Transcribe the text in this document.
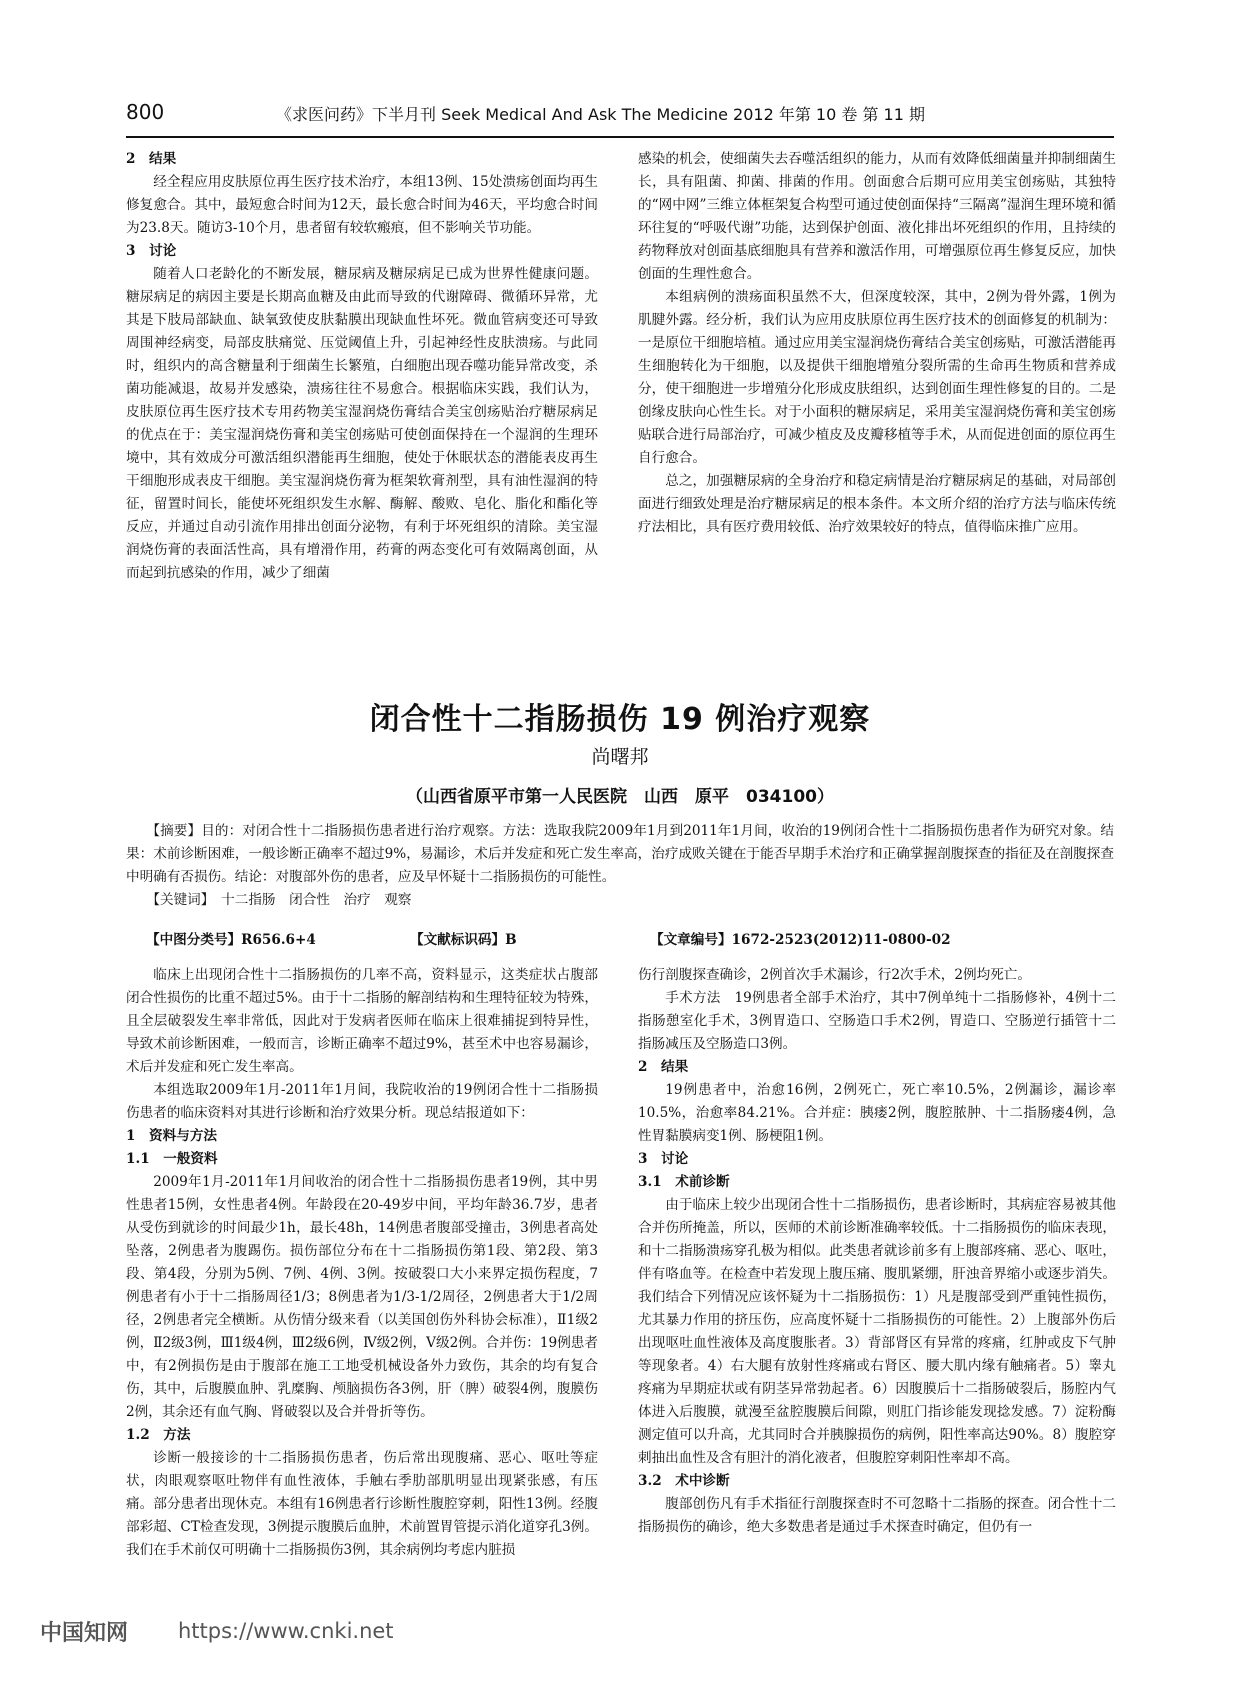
800	《求医问药》下半月刊 Seek Medical And Ask The Medicine 2012 年第 10 卷 第 11 期

2　结果

经全程应用皮肤原位再生医疗技术治疗，本组13例、15处溃疡创面均再生修复愈合。其中，最短愈合时间为12天，最长愈合时间为46天，平均愈合时间为23.8天。随访3-10个月，患者留有较软瘢痕，但不影响关节功能。

3　讨论

随着人口老龄化的不断发展，糖尿病及糖尿病足已成为世界性健康问题。糖尿病足的病因主要是长期高血糖及由此而导致的代谢障碍、微循环异常，尤其是下肢局部缺血、缺氧致使皮肤黏膜出现缺血性坏死。微血管病变还可导致周围神经病变，局部皮肤痛觉、压觉阈值上升，引起神经性皮肤溃疡。与此同时，组织内的高含糖量利于细菌生长繁殖，白细胞出现吞噬功能异常改变，杀菌功能减退，故易并发感染，溃疡往往不易愈合。根据临床实践，我们认为，皮肤原位再生医疗技术专用药物美宝湿润烧伤膏结合美宝创疡贴治疗糖尿病足的优点在于：美宝湿润烧伤膏和美宝创疡贴可使创面保持在一个湿润的生理环境中，其有效成分可激活组织潜能再生细胞，使处于休眠状态的潜能表皮再生干细胞形成表皮干细胞。美宝湿润烧伤膏为框架软膏剂型，具有油性湿润的特征，留置时间长，能使坏死组织发生水解、酶解、酸败、皂化、脂化和酯化等反应，并通过自动引流作用排出创面分泌物，有利于坏死组织的清除。美宝湿润烧伤膏的表面活性高，具有增滑作用，药膏的两态变化可有效隔离创面，从而起到抗感染的作用，减少了细菌

感染的机会，使细菌失去吞噬活组织的能力，从而有效降低细菌量并抑制细菌生长，具有阻菌、抑菌、排菌的作用。创面愈合后期可应用美宝创疡贴，其独特的“网中网”三维立体框架复合构型可通过使创面保持“三隔离”湿润生理环境和循环往复的“呼吸代谢”功能，达到保护创面、液化排出坏死组织的作用，且持续的药物释放对创面基底细胞具有营养和激活作用，可增强原位再生修复反应，加快创面的生理性愈合。

本组病例的溃疡面积虽然不大，但深度较深，其中，2例为骨外露，1例为肌腱外露。经分析，我们认为应用皮肤原位再生医疗技术的创面修复的机制为：一是原位干细胞培植。通过应用美宝湿润烧伤膏结合美宝创疡贴，可激活潜能再生细胞转化为干细胞，以及提供干细胞增殖分裂所需的生命再生物质和营养成分，使干细胞进一步增殖分化形成皮肤组织，达到创面生理性修复的目的。二是创缘皮肤向心性生长。对于小面积的糖尿病足，采用美宝湿润烧伤膏和美宝创疡贴联合进行局部治疗，可减少植皮及皮瓣移植等手术，从而促进创面的原位再生自行愈合。

总之，加强糖尿病的全身治疗和稳定病情是治疗糖尿病足的基础，对局部创面进行细致处理是治疗糖尿病足的根本条件。本文所介绍的治疗方法与临床传统疗法相比，具有医疗费用较低、治疗效果较好的特点，值得临床推广应用。

闭合性十二指肠损伤 19 例治疗观察
尚曙邦
（山西省原平市第一人民医院　山西　原平　034100）

【摘要】目的：对闭合性十二指肠损伤患者进行治疗观察。方法：选取我院2009年1月到2011年1月间，收治的19例闭合性十二指肠损伤患者作为研究对象。结果：术前诊断困难，一般诊断正确率不超过9%，易漏诊，术后并发症和死亡发生率高，治疗成败关键在于能否早期手术治疗和正确掌握剖腹探查的指征及在剖腹探查中明确有否损伤。结论：对腹部外伤的患者，应及早怀疑十二指肠损伤的可能性。

【关键词】　十二指肠　闭合性　治疗　观察

【中图分类号】R656.6+4	【文献标识码】B	【文章编号】1672-2523(2012)11-0800-02

临床上出现闭合性十二指肠损伤的几率不高，资料显示，这类症状占腹部闭合性损伤的比重不超过5%。由于十二指肠的解剖结构和生理特征较为特殊，且全层破裂发生率非常低，因此对于发病者医师在临床上很难捕捉到特异性，导致术前诊断困难，一般而言，诊断正确率不超过9%，甚至术中也容易漏诊，术后并发症和死亡发生率高。

本组选取2009年1月-2011年1月间，我院收治的19例闭合性十二指肠损伤患者的临床资料对其进行诊断和治疗效果分析。现总结报道如下：

1　资料与方法

1.1　一般资料

2009年1月-2011年1月间收治的闭合性十二指肠损伤患者19例，其中男性患者15例，女性患者4例。年龄段在20-49岁中间，平均年龄36.7岁，患者从受伤到就诊的时间最少1h，最长48h，14例患者腹部受撞击，3例患者高处坠落，2例患者为腹踢伤。损伤部位分布在十二指肠损伤第1段、第2段、第3段、第4段，分别为5例、7例、4例、3例。按破裂口大小来界定损伤程度，7例患者有小于十二指肠周径1/3；8例患者为1/3-1/2周径，2例患者大于1/2周径，2例患者完全横断。从伤情分级来看（以美国创伤外科协会标准），Ⅱ1级2例，Ⅱ2级3例，Ⅲ1级4例，Ⅲ2级6例，Ⅳ级2例，Ⅴ级2例。合并伤：19例患者中，有2例损伤是由于腹部在施工工地受机械设备外力致伤，其余的均有复合伤，其中，后腹膜血肿、乳糜胸、颅脑损伤各3例，肝（脾）破裂4例，腹膜伤2例，其余还有血气胸、肾破裂以及合并骨折等伤。

1.2　方法

诊断一般接诊的十二指肠损伤患者，伤后常出现腹痛、恶心、呕吐等症状，肉眼观察呕吐物伴有血性液体，手触右季肋部肌明显出现紧张感，有压痛。部分患者出现休克。本组有16例患者行诊断性腹腔穿刺，阳性13例。经腹部彩超、CT检查发现，3例提示腹膜后血肿，术前置胃管提示消化道穿孔3例。我们在手术前仅可明确十二指肠损伤3例，其余病例均考虑内脏损

伤行剖腹探查确诊，2例首次手术漏诊，行2次手术，2例均死亡。

手术方法　19例患者全部手术治疗，其中7例单纯十二指肠修补，4例十二指肠憩室化手术，3例胃造口、空肠造口手术2例，胃造口、空肠逆行插管十二指肠减压及空肠造口3例。

2　结果

19例患者中，治愈16例，2例死亡，死亡率10.5%，2例漏诊，漏诊率10.5%，治愈率84.21%。合并症：胰瘘2例，腹腔脓肿、十二指肠瘘4例，急性胃黏膜病变1例、肠梗阻1例。

3　讨论

3.1　术前诊断

由于临床上较少出现闭合性十二指肠损伤，患者诊断时，其病症容易被其他合并伤所掩盖，所以，医师的术前诊断准确率较低。十二指肠损伤的临床表现，和十二指肠溃疡穿孔极为相似。此类患者就诊前多有上腹部疼痛、恶心、呕吐，伴有咯血等。在检查中若发现上腹压痛、腹肌紧绷，肝浊音界缩小或逐步消失。我们结合下列情况应该怀疑为十二指肠损伤：1）凡是腹部受到严重钝性损伤，尤其暴力作用的挤压伤，应高度怀疑十二指肠损伤的可能性。2）上腹部外伤后出现呕吐血性液体及高度腹胀者。3）背部肾区有异常的疼痛，红肿或皮下气肿等现象者。4）右大腿有放射性疼痛或右肾区、腰大肌内缘有触痛者。5）睾丸疼痛为早期症状或有阴茎异常勃起者。6）因腹膜后十二指肠破裂后，肠腔内气体进入后腹膜，就漫至盆腔腹膜后间隙，则肛门指诊能发现捻发感。7）淀粉酶测定值可以升高，尤其同时合并胰腺损伤的病例，阳性率高达90%。8）腹腔穿刺抽出血性及含有胆汁的消化液者，但腹腔穿刺阳性率却不高。

3.2　术中诊断

腹部创伤凡有手术指征行剖腹探查时不可忽略十二指肠的探查。闭合性十二指肠损伤的确诊，绝大多数患者是通过手术探查时确定，但仍有一

中国知网 https://www.cnki.net
